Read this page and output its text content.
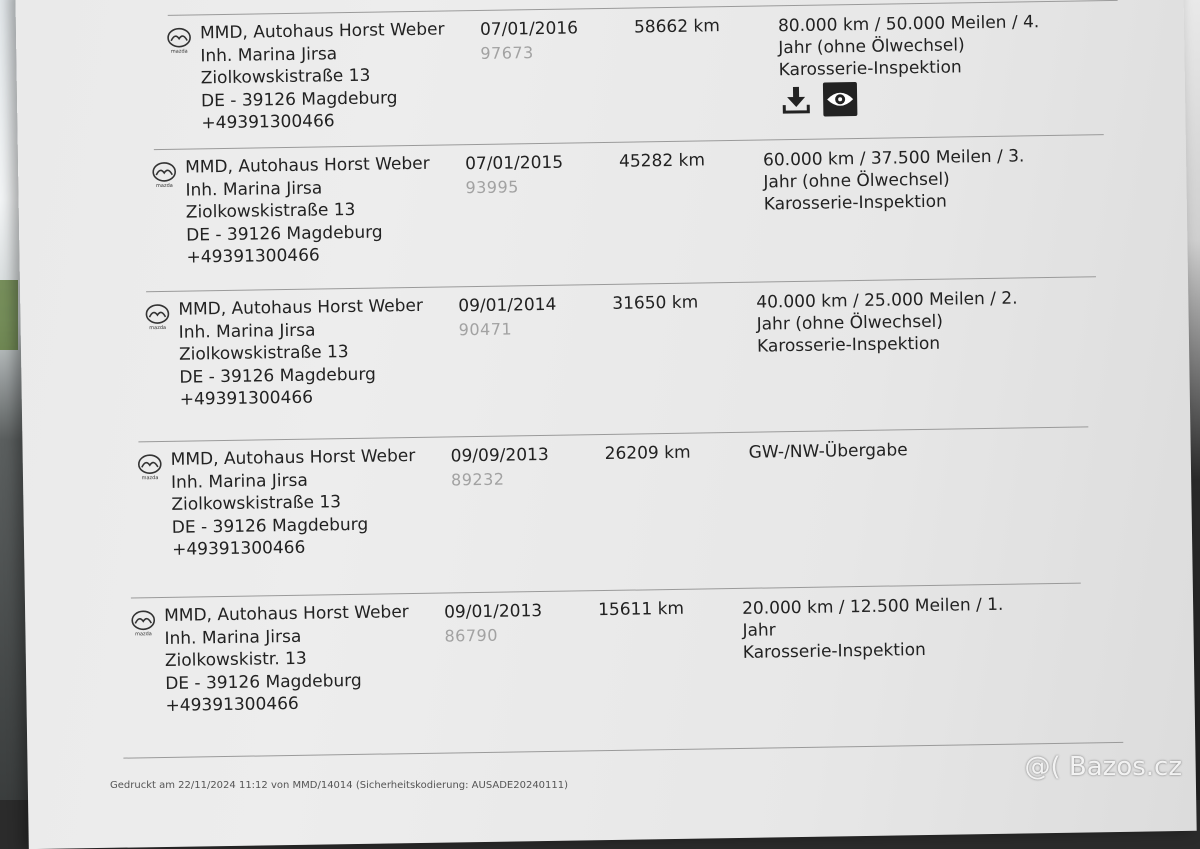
mazda
MMD, Autohaus Horst Weber
Inh. Marina Jirsa
Ziolkowskistraße 13
DE - 39126 Magdeburg
+49391300466
07/01/2016
97673
58662 km	80.000 km / 50.000 Meilen / 4.
Jahr (ohne Ölwechsel)
Karosserie-Inspektion
mazda
MMD, Autohaus Horst Weber
Inh. Marina Jirsa
Ziolkowskistraße 13
DE - 39126 Magdeburg
+49391300466
07/01/2015
93995
45282 km	60.000 km / 37.500 Meilen / 3.
Jahr (ohne Ölwechsel)
Karosserie-Inspektion
mazda
MMD, Autohaus Horst Weber
Inh. Marina Jirsa
Ziolkowskistraße 13
DE - 39126 Magdeburg
+49391300466
09/01/2014
90471
31650 km	40.000 km / 25.000 Meilen / 2.
Jahr (ohne Ölwechsel)
Karosserie-Inspektion
mazda
MMD, Autohaus Horst Weber
Inh. Marina Jirsa
Ziolkowskistraße 13
DE - 39126 Magdeburg
+49391300466
09/09/2013
89232
26209 km	GW-/NW-Übergabe
mazda
MMD, Autohaus Horst Weber
Inh. Marina Jirsa
Ziolkowskistr. 13
DE - 39126 Magdeburg
+49391300466
09/01/2013
86790
15611 km	20.000 km / 12.500 Meilen / 1.
Jahr
Karosserie-Inspektion
Gedruckt am 22/11/2024 11:12 von MMD/14014 (Sicherheitskodierung: AUSADE20240111)
@( Bazos.cz
